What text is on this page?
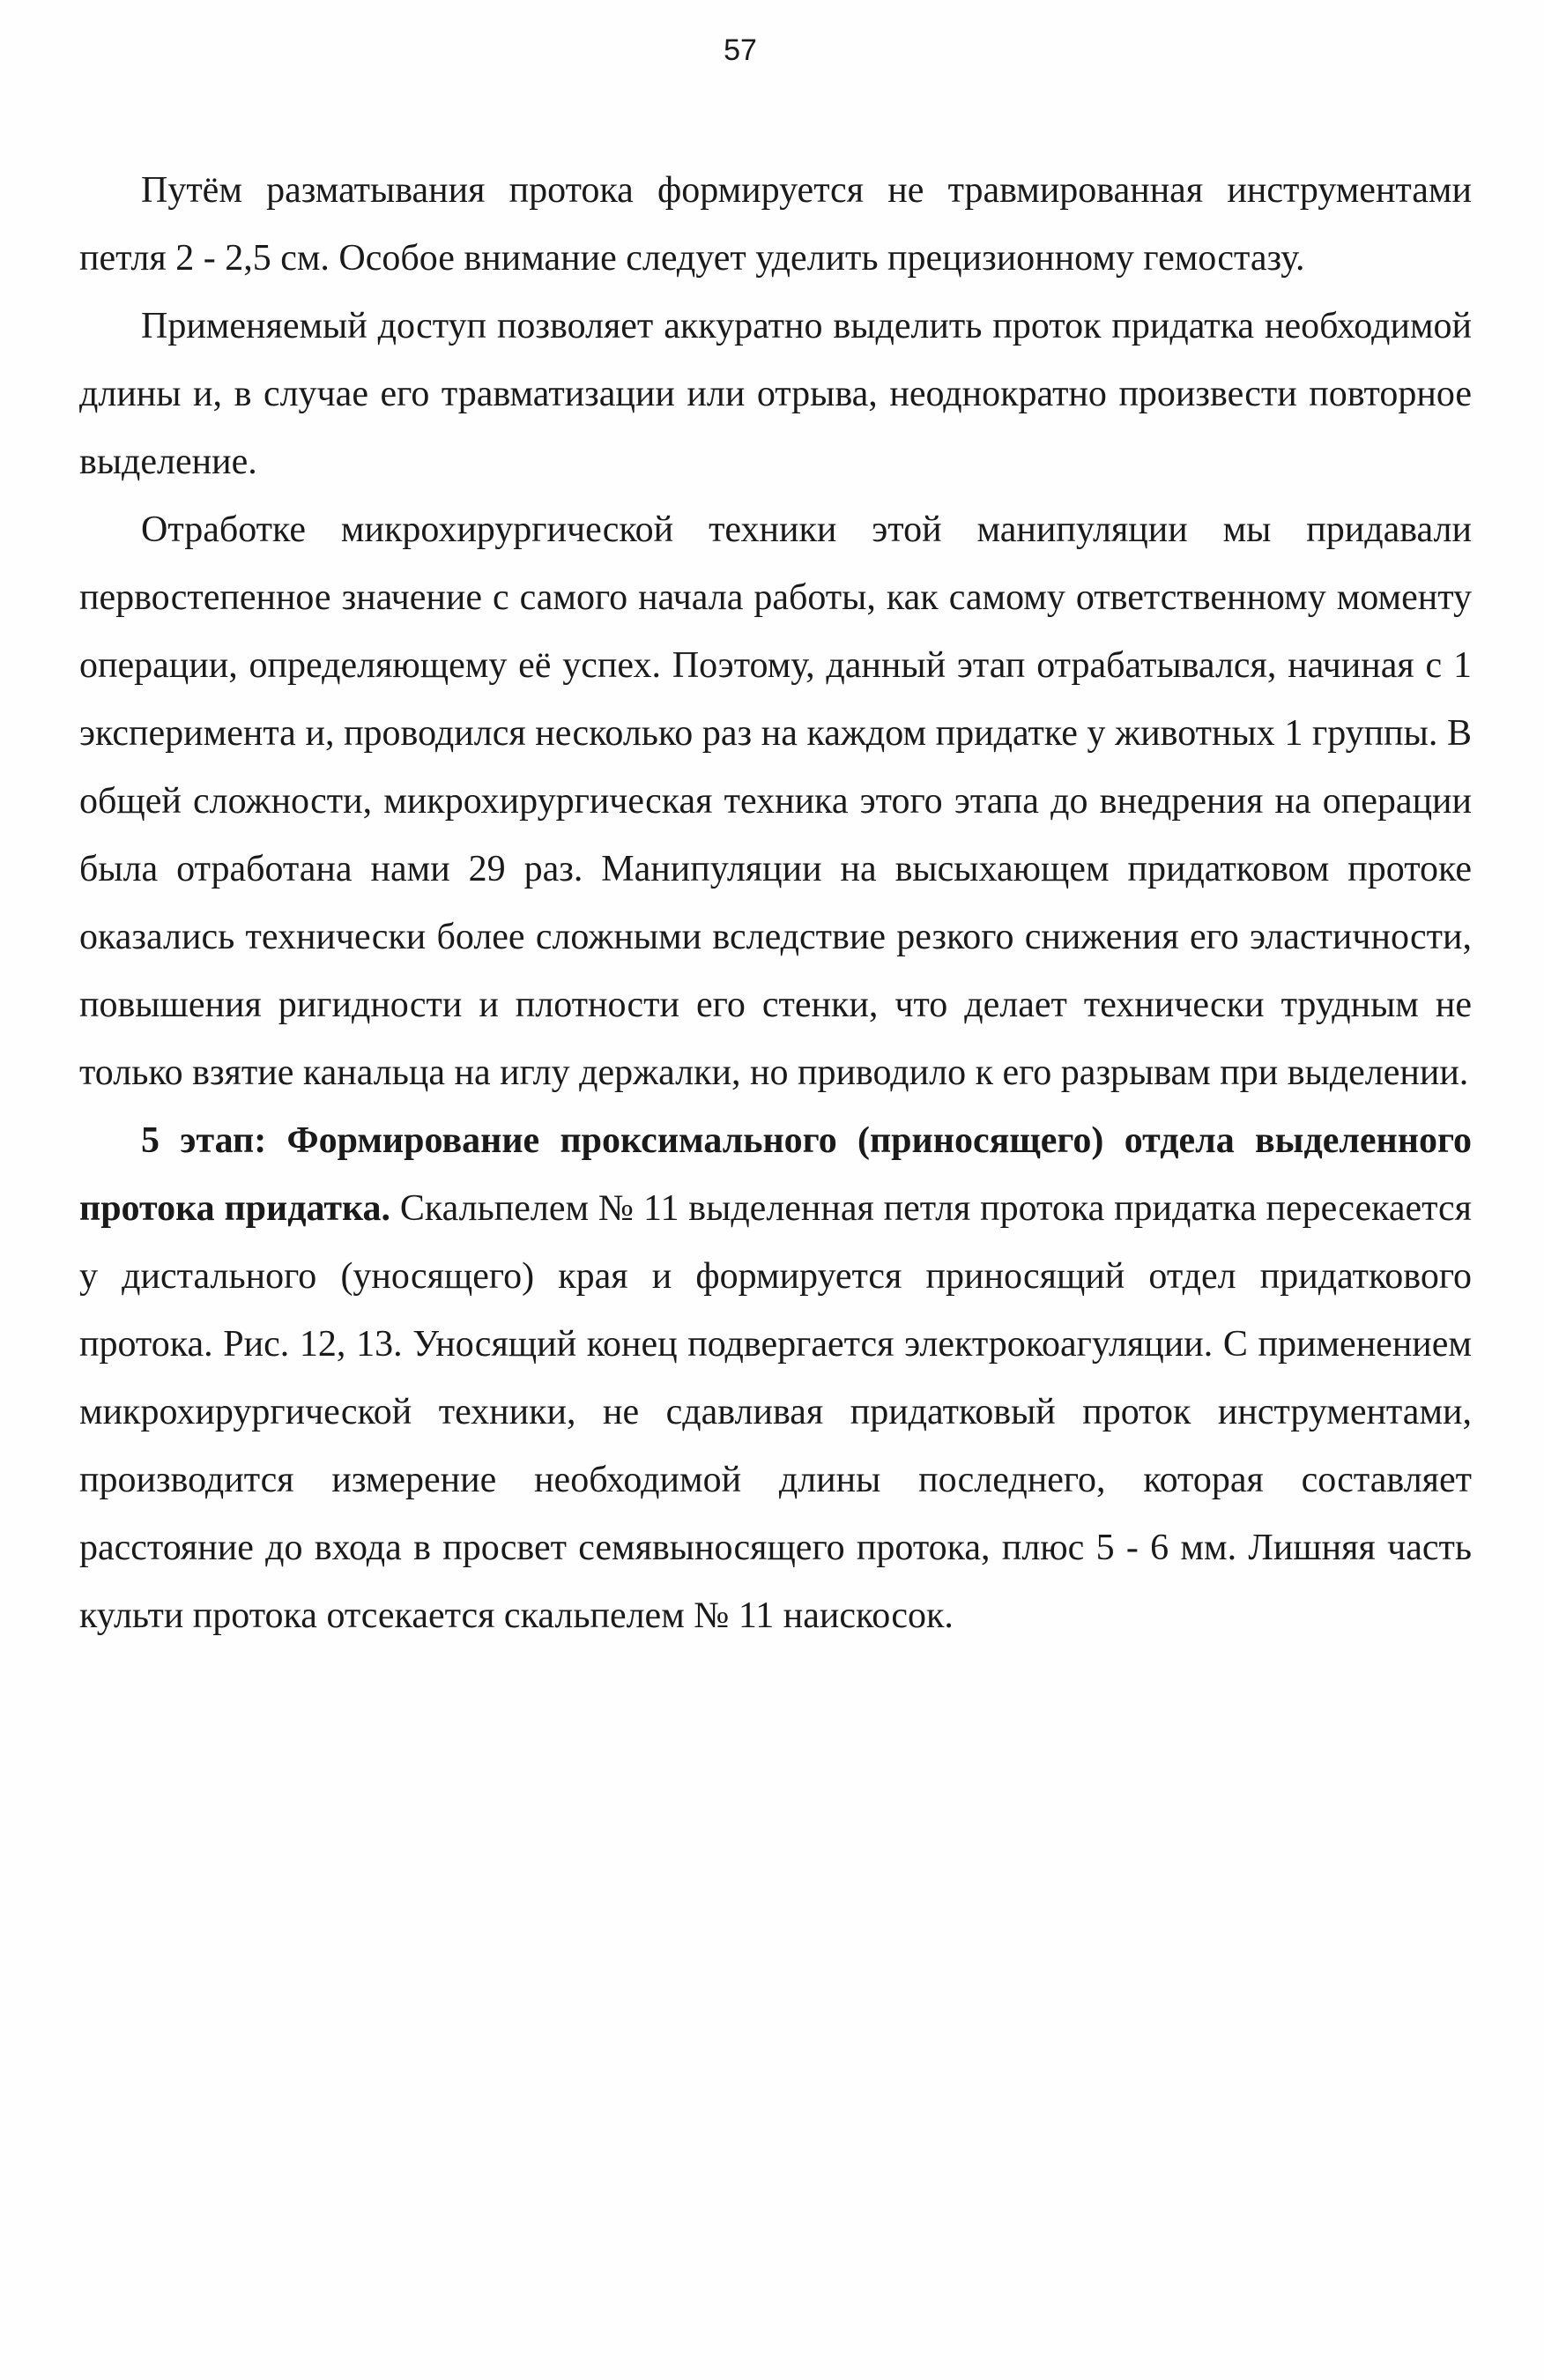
57

Путём разматывания протока формируется не травмированная инструментами петля 2 - 2,5 см. Особое внимание следует уделить прецизионному гемостазу.

Применяемый доступ позволяет аккуратно выделить проток придатка необходимой длины и, в случае его травматизации или отрыва, неоднократно произвести повторное выделение.

Отработке микрохирургической техники этой манипуляции мы придавали первостепенное значение с самого начала работы, как самому ответственному моменту операции, определяющему её успех. Поэтому, данный этап отрабатывался, начиная с 1 эксперимента и, проводился несколько раз на каждом придатке у животных 1 группы. В общей сложности, микрохирургическая техника этого этапа до внедрения на операции была отработана нами 29 раз. Манипуляции на высыхающем придатковом протоке оказались технически более сложными вследствие резкого снижения его эластичности, повышения ригидности и плотности его стенки, что делает технически трудным не только взятие канальца на иглу держалки, но приводило к его разрывам при выделении.

5 этап: Формирование проксимального (приносящего) отдела выделенного протока придатка. Скальпелем № 11 выделенная петля протока придатка пересекается у дистального (уносящего) края и формируется приносящий отдел придаткового протока. Рис. 12, 13. Уносящий конец подвергается электрокоагуляции. С применением микрохирургической техники, не сдавливая придатковый проток инструментами, производится измерение необходимой длины последнего, которая составляет расстояние до входа в просвет семявыносящего протока, плюс 5 - 6 мм. Лишняя часть культи протока отсекается скальпелем № 11 наискосок.
